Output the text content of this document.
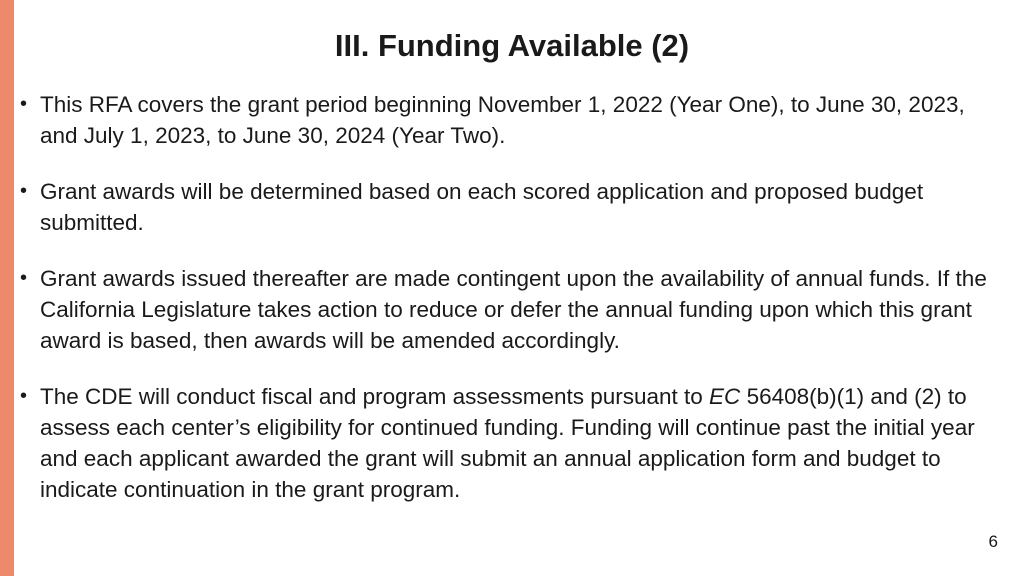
III. Funding Available (2)
• This RFA covers the grant period beginning November 1, 2022 (Year One), to June 30, 2023, and July 1, 2023, to June 30, 2024 (Year Two).
• Grant awards will be determined based on each scored application and proposed budget submitted.
• Grant awards issued thereafter are made contingent upon the availability of annual funds. If the California Legislature takes action to reduce or defer the annual funding upon which this grant award is based, then awards will be amended accordingly.
• The CDE will conduct fiscal and program assessments pursuant to EC 56408(b)(1) and (2) to assess each center’s eligibility for continued funding. Funding will continue past the initial year and each applicant awarded the grant will submit an annual application form and budget to indicate continuation in the grant program.
6
